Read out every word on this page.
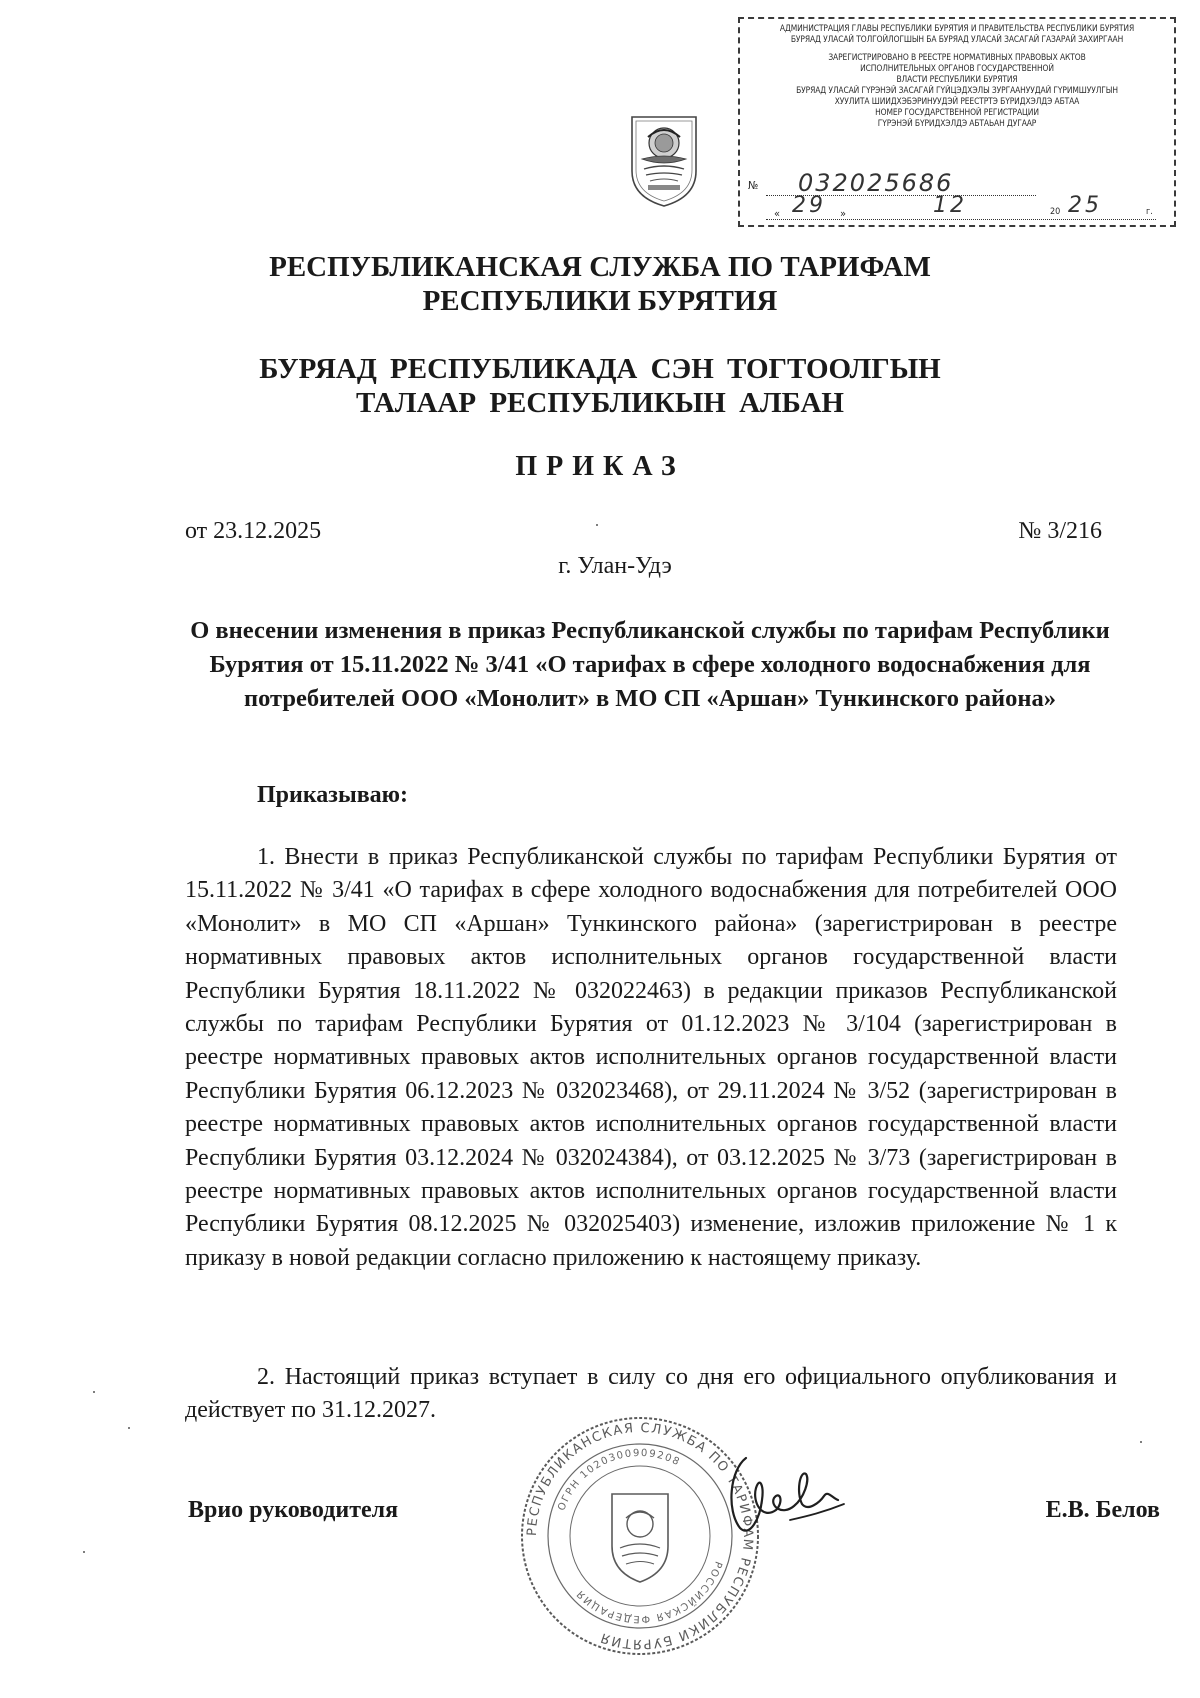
АДМИНИСТРАЦИЯ ГЛАВЫ РЕСПУБЛИКИ БУРЯТИЯ И ПРАВИТЕЛЬСТВА РЕСПУБЛИКИ БУРЯТИЯ
БУРЯАД УЛАСАЙ ТОЛГОЙЛОГШЫН БА БУРЯАД УЛАСАЙ ЗАСАГАЙ ГАЗАРАЙ ЗАХИРГААН
ЗАРЕГИСТРИРОВАНО В РЕЕСТРЕ НОРМАТИВНЫХ ПРАВОВЫХ АКТОВ
ИСПОЛНИТЕЛЬНЫХ ОРГАНОВ ГОСУДАРСТВЕННОЙ
ВЛАСТИ РЕСПУБЛИКИ БУРЯТИЯ
БУРЯАД УЛАСАЙ ГYРЭНЭЙ ЗАСАГАЙ ГYЙЦЭДХЭЛЫ ЗУРГААНУУДАЙ ГYРИМШУУЛГЫН
ХУУЛИТА ШИИДХЭБЭРИНУУДЭЙ РЕЕСТРТЭ БYРИДХЭЛДЭ АБТАА
НОМЕР ГОСУДАРСТВЕННОЙ РЕГИСТРАЦИИ
ГYРЭНЭЙ БYРИДХЭЛДЭ АБТАЬАН ДУГААР
№ 032025686
« 29 »	12	20 25	г.
РЕСПУБЛИКАНСКАЯ СЛУЖБА ПО ТАРИФАМ РЕСПУБЛИКИ БУРЯТИЯ
БУРЯАД РЕСПУБЛИКАДА СЭН ТОГТООЛГЫН ТАЛААР РЕСПУБЛИКЫН АЛБАН
ПРИКАЗ
от 23.12.2025	№ 3/216
г. Улан-Удэ
О внесении изменения в приказ Республиканской службы по тарифам Республики Бурятия от 15.11.2022 № 3/41 «О тарифах в сфере холодного водоснабжения для потребителей ООО «Монолит» в МО СП «Аршан» Тункинского района»
Приказываю:
1. Внести в приказ Республиканской службы по тарифам Республики Бурятия от 15.11.2022 № 3/41 «О тарифах в сфере холодного водоснабжения для потребителей ООО «Монолит» в МО СП «Аршан» Тункинского района» (зарегистрирован в реестре нормативных правовых актов исполнительных органов государственной власти Республики Бурятия 18.11.2022 № 032022463) в редакции приказов Республиканской службы по тарифам Республики Бурятия от 01.12.2023 № 3/104 (зарегистрирован в реестре нормативных правовых актов исполнительных органов государственной власти Республики Бурятия 06.12.2023 № 032023468), от 29.11.2024 № 3/52 (зарегистрирован в реестре нормативных правовых актов исполнительных органов государственной власти Республики Бурятия 03.12.2024 № 032024384), от 03.12.2025 № 3/73 (зарегистрирован в реестре нормативных правовых актов исполнительных органов государственной власти Республики Бурятия 08.12.2025 № 032025403) изменение, изложив приложение № 1 к приказу в новой редакции согласно приложению к настоящему приказу.
2. Настоящий приказ вступает в силу со дня его официального опубликования и действует по 31.12.2027.
РЕСПУБЛИКАНСКАЯ СЛУЖБА ПО ТАРИФАМ РЕСПУБЛИКИ БУРЯТИЯ
ОГРН 1020300909208
РОССИЙСКАЯ ФЕДЕРАЦИЯ
Врио руководителя	Е.В. Белов
